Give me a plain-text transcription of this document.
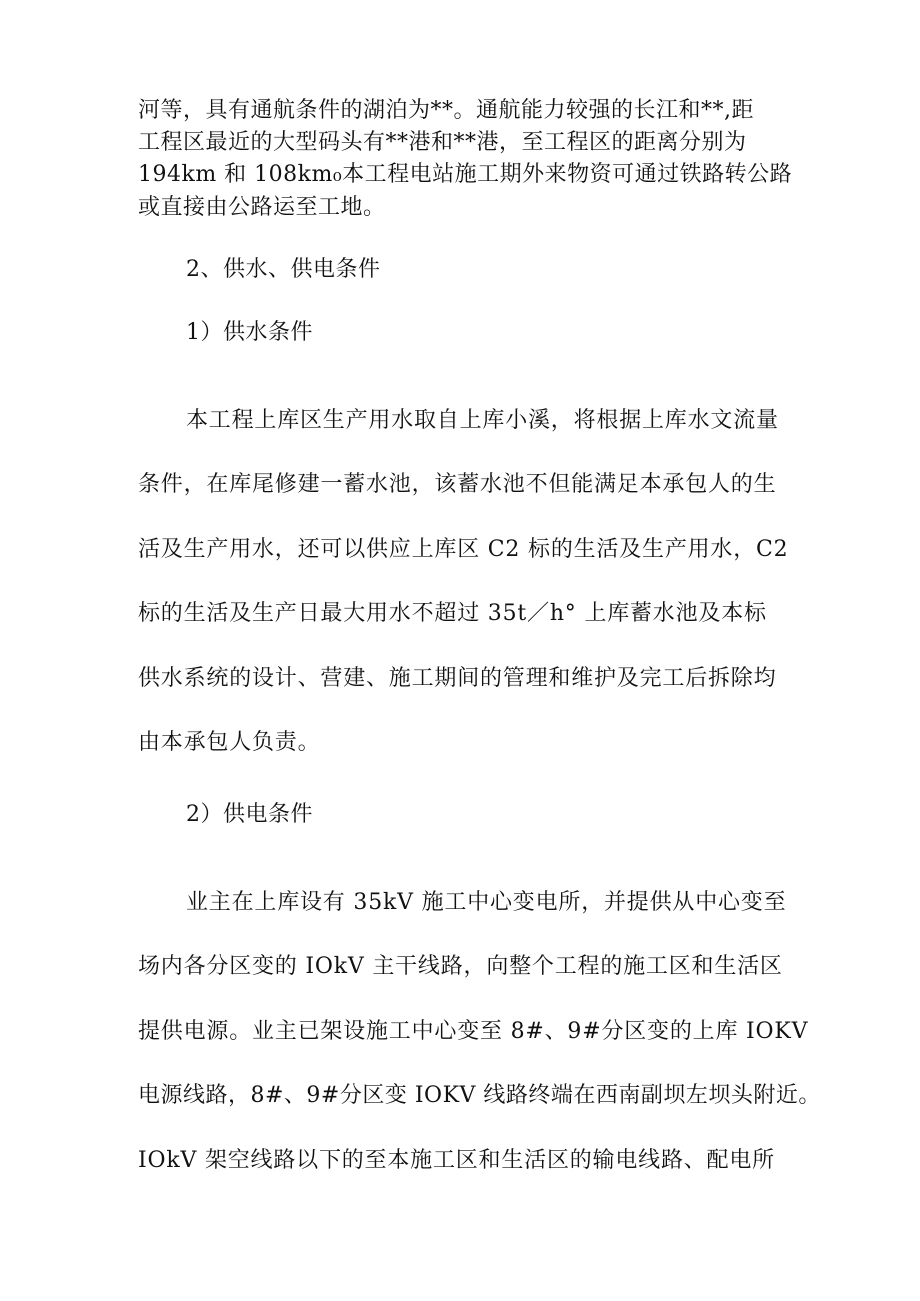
河等，具有通航条件的湖泊为**。通航能力较强的长江和**,距
工程区最近的大型码头有**港和**港，至工程区的距离分别为
194km 和 108km₀本工程电站施工期外来物资可通过铁路转公路
或直接由公路运至工地。
2、供水、供电条件
1）供水条件
本工程上库区生产用水取自上库小溪，将根据上库水文流量
条件，在库尾修建一蓄水池，该蓄水池不但能满足本承包人的生
活及生产用水，还可以供应上库区 C2 标的生活及生产用水，C2
标的生活及生产日最大用水不超过 35t／h° 上库蓄水池及本标
供水系统的设计、营建、施工期间的管理和维护及完工后拆除均
由本承包人负责。
2）供电条件
业主在上库设有 35kV 施工中心变电所，并提供从中心变至
场内各分区变的 IOkV 主干线路，向整个工程的施工区和生活区
提供电源。业主已架设施工中心变至 8#、9#分区变的上库 IOKV
电源线路，8#、9#分区变 IOKV 线路终端在西南副坝左坝头附近。
IOkV 架空线路以下的至本施工区和生活区的输电线路、配电所
